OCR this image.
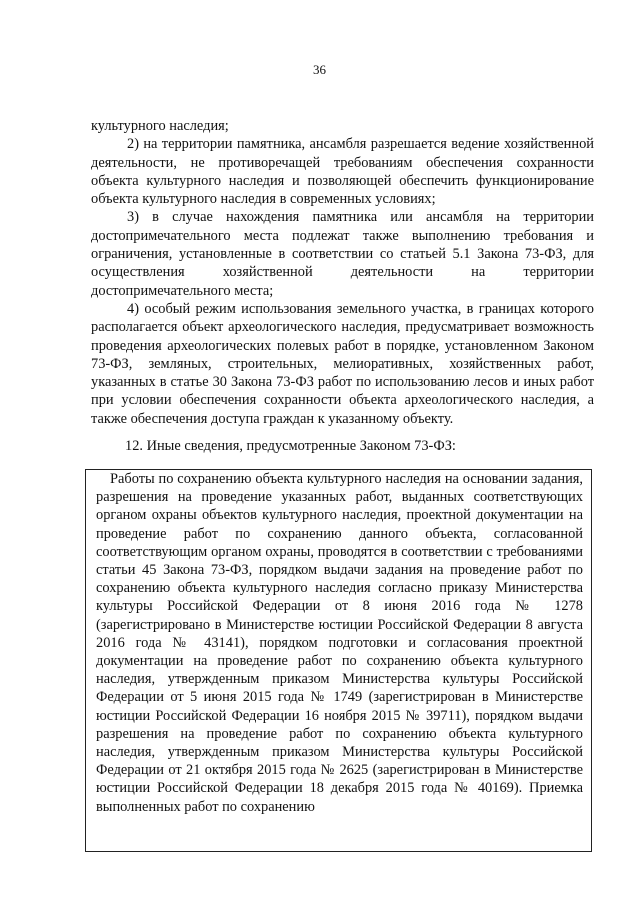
36

культурного наследия;

2) на территории памятника, ансамбля разрешается ведение хозяйственной деятельности, не противоречащей требованиям обеспечения сохранности объекта культурного наследия и позволяющей обеспечить функционирование объекта культурного наследия в современных условиях;

3) в случае нахождения памятника или ансамбля на территории достопримечательного места подлежат также выполнению требования и ограничения, установленные в соответствии со статьей 5.1 Закона 73-ФЗ, для осуществления хозяйственной деятельности на территории достопримечательного места;

4) особый режим использования земельного участка, в границах которого располагается объект археологического наследия, предусматривает возможность проведения археологических полевых работ в порядке, установленном Законом 73-ФЗ, земляных, строительных, мелиоративных, хозяйственных работ, указанных в статье 30 Закона 73-ФЗ работ по использованию лесов и иных работ при условии обеспечения сохранности объекта археологического наследия, а также обеспечения доступа граждан к указанному объекту.

12. Иные сведения, предусмотренные Законом 73-ФЗ:

Работы по сохранению объекта культурного наследия на основании задания, разрешения на проведение указанных работ, выданных соответствующих органом охраны объектов культурного наследия, проектной документации на проведение работ по сохранению данного объекта, согласованной соответствующим органом охраны, проводятся в соответствии с требованиями статьи 45 Закона 73-ФЗ, порядком выдачи задания на проведение работ по сохранению объекта культурного наследия согласно приказу Министерства культуры Российской Федерации от 8 июня 2016 года № 1278 (зарегистрировано в Министерстве юстиции Российской Федерации 8 августа 2016 года № 43141), порядком подготовки и согласования проектной документации на проведение работ по сохранению объекта культурного наследия, утвержденным приказом Министерства культуры Российской Федерации от 5 июня 2015 года № 1749 (зарегистрирован в Министерстве юстиции Российской Федерации 16 ноября 2015 № 39711), порядком выдачи разрешения на проведение работ по сохранению объекта культурного наследия, утвержденным приказом Министерства культуры Российской Федерации от 21 октября 2015 года № 2625 (зарегистрирован в Министерстве юстиции Российской Федерации 18 декабря 2015 года № 40169). Приемка выполненных работ по сохранению
